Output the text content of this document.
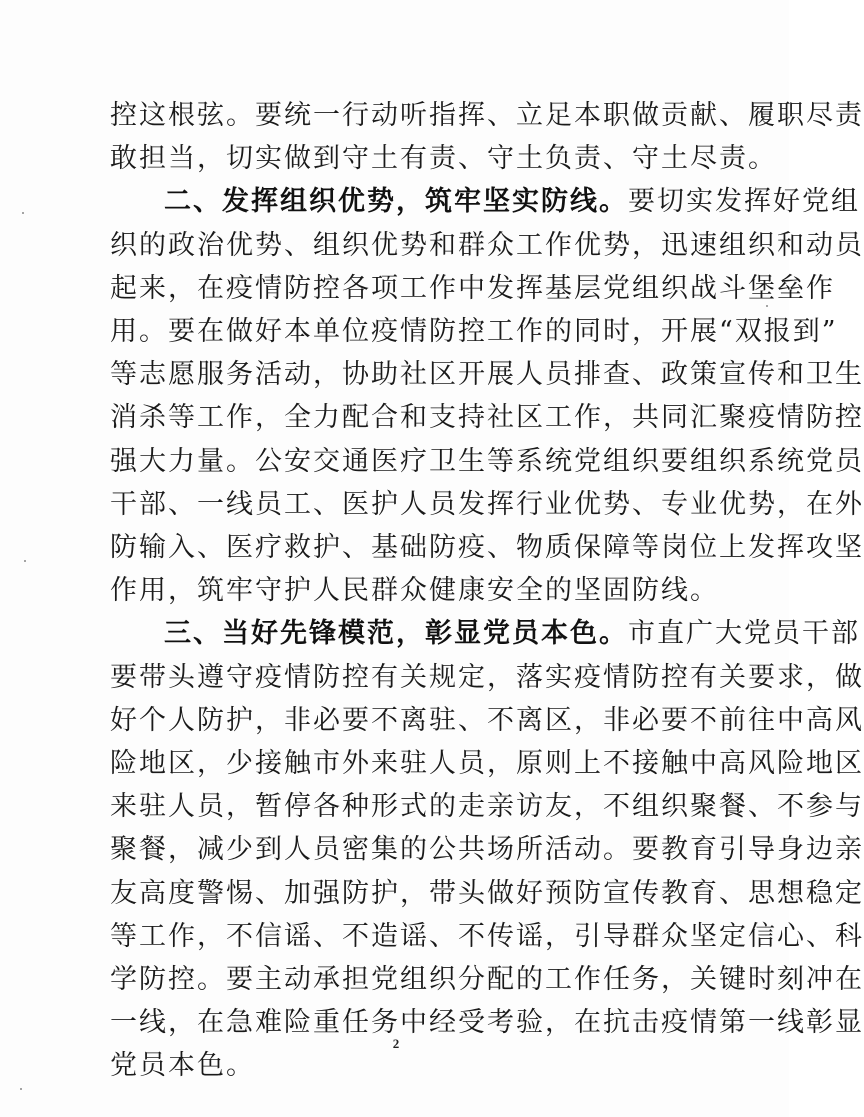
控这根弦。要统一行动听指挥、立足本职做贡献、履职尽责
敢担当，切实做到守土有责、守土负责、守土尽责。
二、发挥组织优势，筑牢坚实防线。要切实发挥好党组
织的政治优势、组织优势和群众工作优势，迅速组织和动员
起来，在疫情防控各项工作中发挥基层党组织战斗堡垒作
用。要在做好本单位疫情防控工作的同时，开展“双报到”
等志愿服务活动，协助社区开展人员排查、政策宣传和卫生
消杀等工作，全力配合和支持社区工作，共同汇聚疫情防控
强大力量。公安交通医疗卫生等系统党组织要组织系统党员
干部、一线员工、医护人员发挥行业优势、专业优势，在外
防输入、医疗救护、基础防疫、物质保障等岗位上发挥攻坚
作用，筑牢守护人民群众健康安全的坚固防线。
三、当好先锋模范，彰显党员本色。市直广大党员干部
要带头遵守疫情防控有关规定，落实疫情防控有关要求，做
好个人防护，非必要不离驻、不离区，非必要不前往中高风
险地区，少接触市外来驻人员，原则上不接触中高风险地区
来驻人员，暂停各种形式的走亲访友，不组织聚餐、不参与
聚餐，减少到人员密集的公共场所活动。要教育引导身边亲
友高度警惕、加强防护，带头做好预防宣传教育、思想稳定
等工作，不信谣、不造谣、不传谣，引导群众坚定信心、科
学防控。要主动承担党组织分配的工作任务，关键时刻冲在
一线，在急难险重任务中经受考验，在抗击疫情第一线彰显
党员本色。
2
